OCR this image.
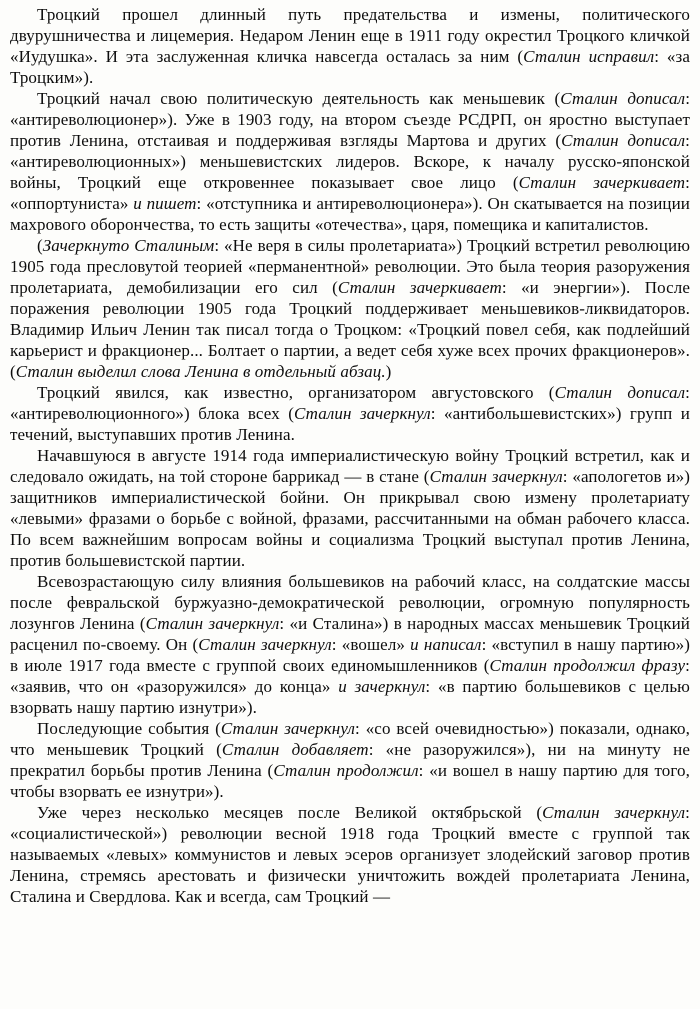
Троцкий прошел длинный путь предательства и измены, политического двурушничества и лицемерия. Недаром Ленин еще в 1911 году окрестил Троцкого кличкой «Иудушка». И эта заслуженная кличка навсегда осталась за ним (Сталин исправил: «за Троцким»).

Троцкий начал свою политическую деятельность как меньшевик (Сталин дописал: «антиреволюционер»). Уже в 1903 году, на втором съезде РСДРП, он яростно выступает против Ленина, отстаивая и поддерживая взгляды Мартова и других (Сталин дописал: «антиреволюционных») меньшевистских лидеров. Вскоре, к началу русско-японской войны, Троцкий еще откровеннее показывает свое лицо (Сталин зачеркивает: «оппортуниста» и пишет: «отступника и антиреволюционера»). Он скатывается на позиции махрового оборончества, то есть защиты «отечества», царя, помещика и капиталистов.

(Зачеркнуто Сталиным: «Не веря в силы пролетариата») Троцкий встретил революцию 1905 года пресловутой теорией «перманентной» революции. Это была теория разоружения пролетариата, демобилизации его сил (Сталин зачеркивает: «и энергии»). После поражения революции 1905 года Троцкий поддерживает меньшевиков-ликвидаторов. Владимир Ильич Ленин так писал тогда о Троцком: «Троцкий повел себя, как подлейший карьерист и фракционер... Болтает о партии, а ведет себя хуже всех прочих фракционеров». (Сталин выделил слова Ленина в отдельный абзац.)

Троцкий явился, как известно, организатором августовского (Сталин дописал: «антиреволюционного») блока всех (Сталин зачеркнул: «антибольшевистских») групп и течений, выступавших против Ленина.

Начавшуюся в августе 1914 года империалистическую войну Троцкий встретил, как и следовало ожидать, на той стороне баррикад — в стане (Сталин зачеркнул: «апологетов и») защитников империалистической бойни. Он прикрывал свою измену пролетариату «левыми» фразами о борьбе с войной, фразами, рассчитанными на обман рабочего класса. По всем важнейшим вопросам войны и социализма Троцкий выступал против Ленина, против большевистской партии.

Всевозрастающую силу влияния большевиков на рабочий класс, на солдатские массы после февральской буржуазно-демократической революции, огромную популярность лозунгов Ленина (Сталин зачеркнул: «и Сталина») в народных массах меньшевик Троцкий расценил по-своему. Он (Сталин зачеркнул: «вошел» и написал: «вступил в нашу партию») в июле 1917 года вместе с группой своих единомышленников (Сталин продолжил фразу: «заявив, что он «разоружился» до конца» и зачеркнул: «в партию большевиков с целью взорвать нашу партию изнутри»).

Последующие события (Сталин зачеркнул: «со всей очевидностью») показали, однако, что меньшевик Троцкий (Сталин добавляет: «не разоружился»), ни на минуту не прекратил борьбы против Ленина (Сталин продолжил: «и вошел в нашу партию для того, чтобы взорвать ее изнутри»).

Уже через несколько месяцев после Великой октябрьской (Сталин зачеркнул: «социалистической») революции весной 1918 года Троцкий вместе с группой так называемых «левых» коммунистов и левых эсеров организует злодейский заговор против Ленина, стремясь арестовать и физически уничтожить вождей пролетариата Ленина, Сталина и Свердлова. Как и всегда, сам Троцкий —
